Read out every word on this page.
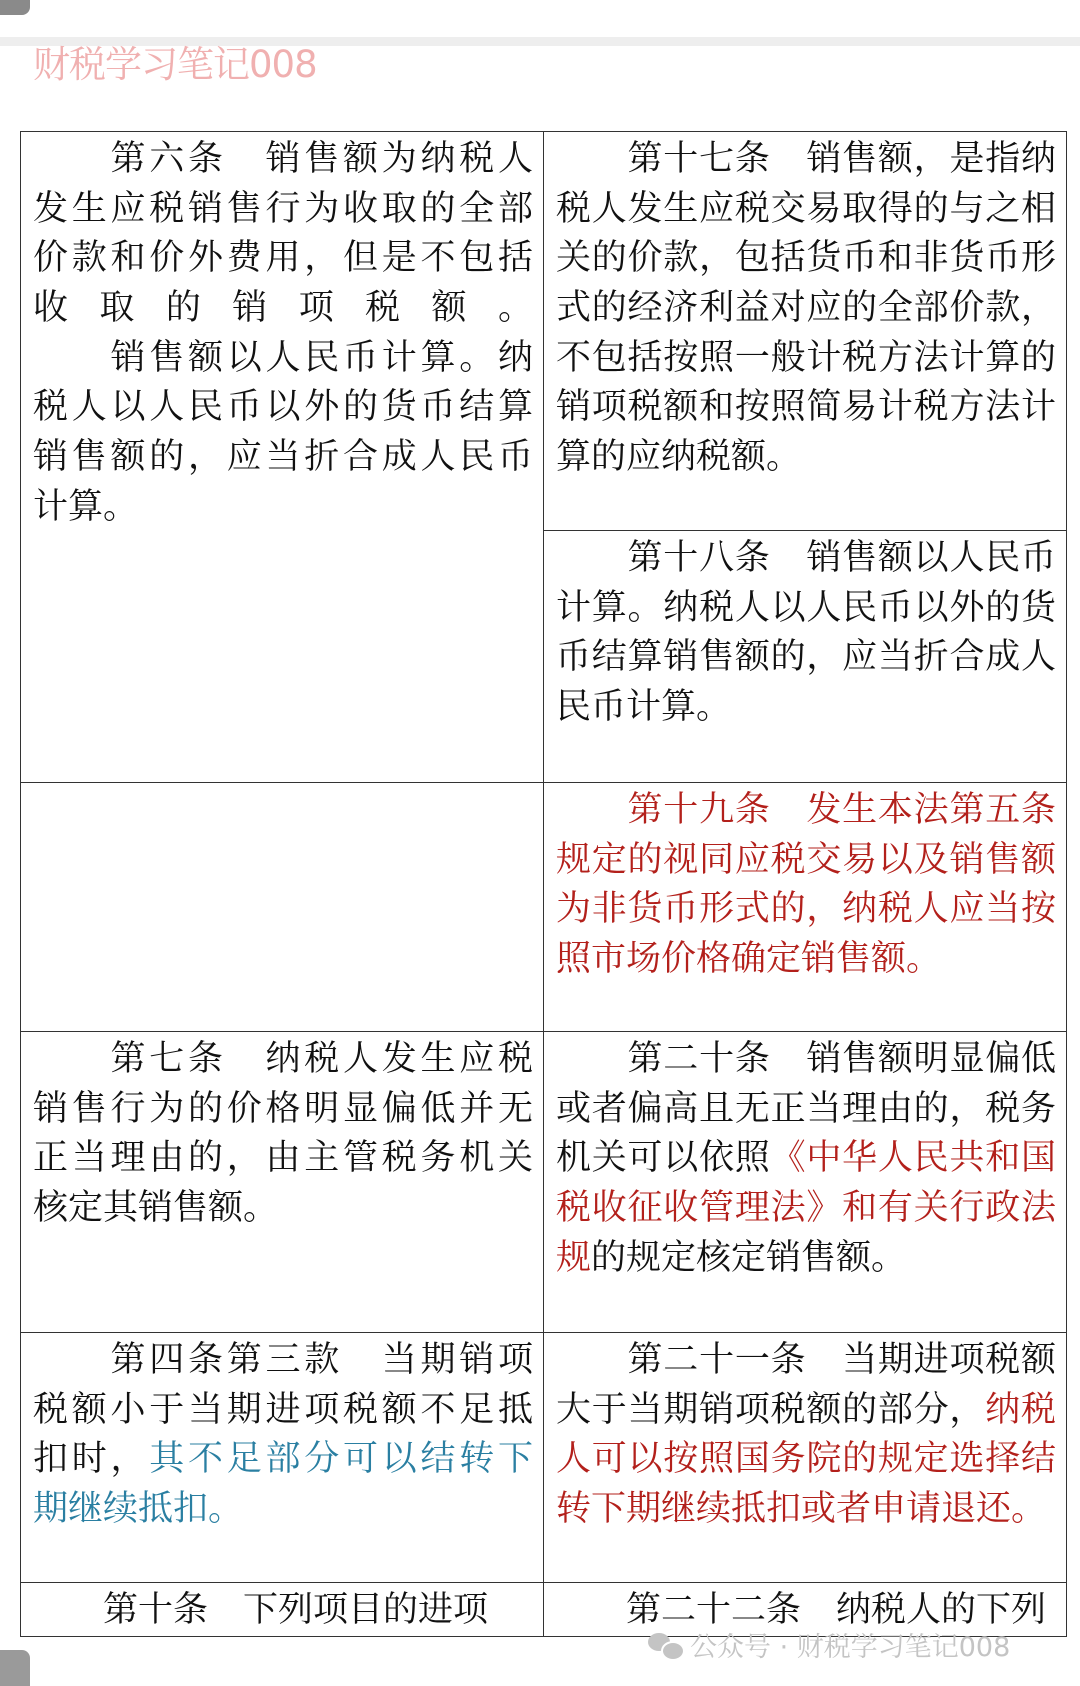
财税学习笔记008
　　第六条　销售额为纳税人
发生应税销售行为收取的全部
价款和价外费用，但是不包括
收取的销项税额。
　　销售额以人民币计算。纳
税人以人民币以外的货币结算
销售额的，应当折合成人民币
计算。

　　第十七条　销售额，是指纳
税人发生应税交易取得的与之相
关的价款，包括货币和非货币形
式的经济利益对应的全部价款，
不包括按照一般计税方法计算的
销项税额和按照简易计税方法计
算的应纳税额。

　　第十八条　销售额以人民币
计算。纳税人以人民币以外的货
币结算销售额的，应当折合成人
民币计算。

　　第十九条　发生本法第五条
规定的视同应税交易以及销售额
为非货币形式的，纳税人应当按
照市场价格确定销售额。

　　第七条　纳税人发生应税
销售行为的价格明显偏低并无
正当理由的，由主管税务机关
核定其销售额。

　　第二十条　销售额明显偏低
或者偏高且无正当理由的，税务
机关可以依照《中华人民共和国
税收征收管理法》和有关行政法
规的规定核定销售额。

　　第四条第三款　当期销项
税额小于当期进项税额不足抵
扣时，其不足部分可以结转下
期继续抵扣。

　　第二十一条　当期进项税额
大于当期销项税额的部分，纳税
人可以按照国务院的规定选择结
转下期继续抵扣或者申请退还。

　　第十条　下列项目的进项	　　第二十二条　纳税人的下列
公众号 · 财税学习笔记008
